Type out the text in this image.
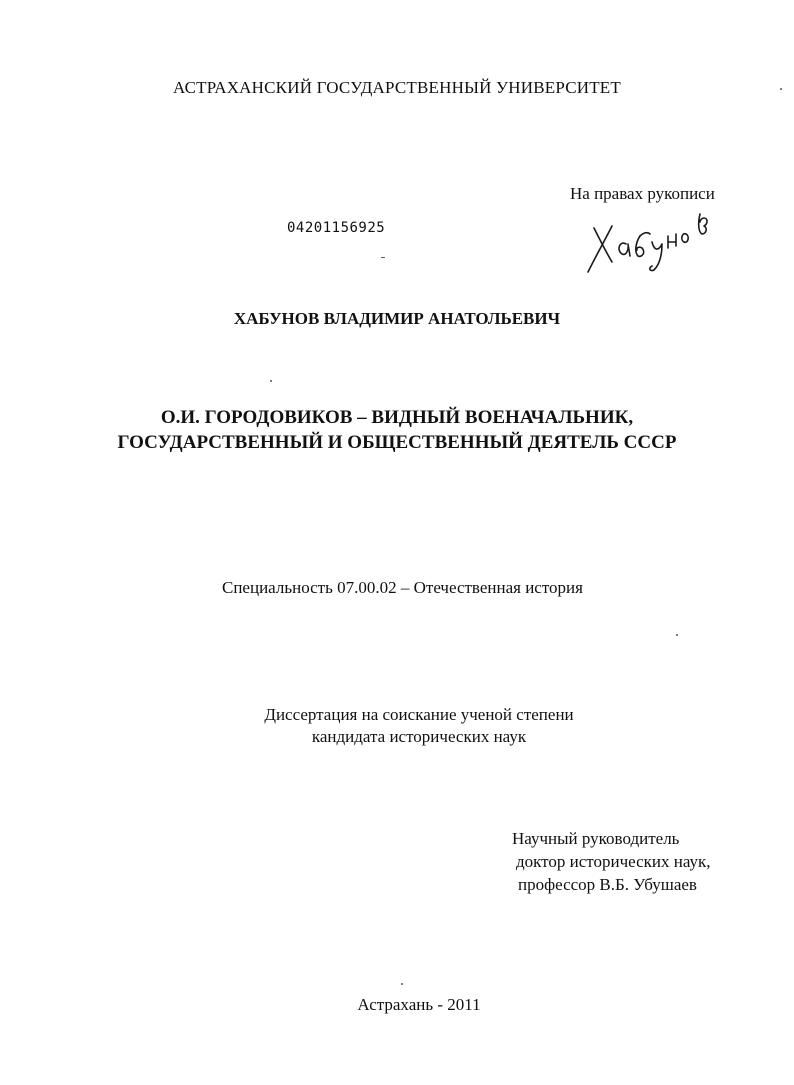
АСТРАХАНСКИЙ ГОСУДАРСТВЕННЫЙ УНИВЕРСИТЕТ
На правах рукописи
04201156925
ХАБУНОВ ВЛАДИМИР АНАТОЛЬЕВИЧ
О.И. ГОРОДОВИКОВ – ВИДНЫЙ ВОЕНАЧАЛЬНИК,
ГОСУДАРСТВЕННЫЙ И ОБЩЕСТВЕННЫЙ ДЕЯТЕЛЬ СССР
Специальность 07.00.02 – Отечественная история
Диссертация на соискание ученой степени
кандидата исторических наук
Научный руководитель
доктор исторических наук,
профессор В.Б. Убушаев
Астрахань - 2011
